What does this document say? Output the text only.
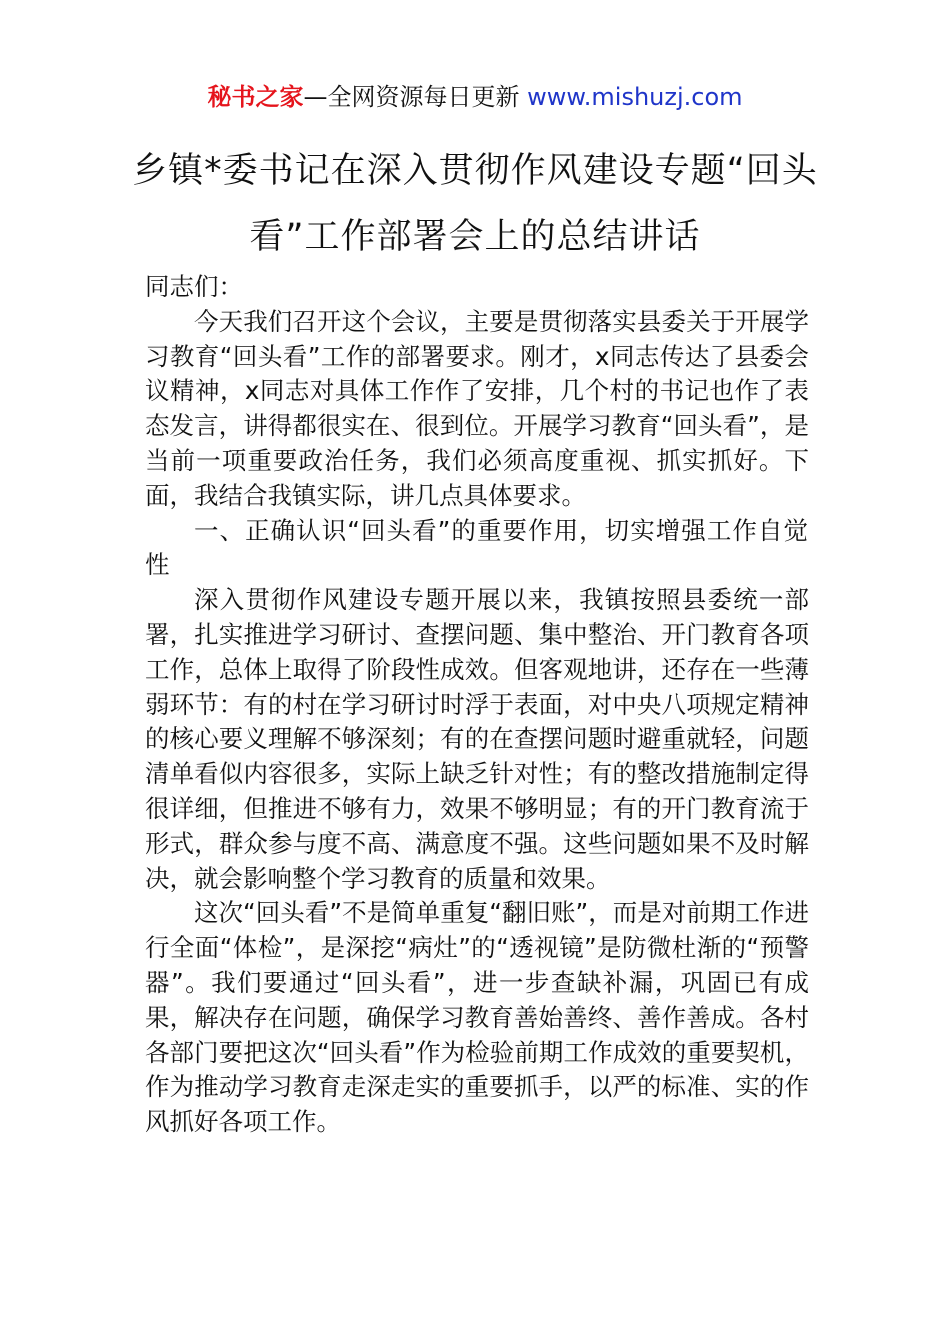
秘书之家—全网资源每日更新 www.mishuzj.com
乡镇*委书记在深入贯彻作风建设专题“回头看”工作部署会上的总结讲话

同志们：

今天我们召开这个会议，主要是贯彻落实县委关于开展学习教育“回头看”工作的部署要求。刚才，x同志传达了县委会议精神，x同志对具体工作作了安排，几个村的书记也作了表态发言，讲得都很实在、很到位。开展学习教育“回头看”，是当前一项重要政治任务，我们必须高度重视、抓实抓好。下面，我结合我镇实际，讲几点具体要求。

一、正确认识“回头看”的重要作用，切实增强工作自觉性

深入贯彻作风建设专题开展以来，我镇按照县委统一部署，扎实推进学习研讨、查摆问题、集中整治、开门教育各项工作，总体上取得了阶段性成效。但客观地讲，还存在一些薄弱环节：有的村在学习研讨时浮于表面，对中央八项规定精神的核心要义理解不够深刻；有的在查摆问题时避重就轻，问题清单看似内容很多，实际上缺乏针对性；有的整改措施制定得很详细，但推进不够有力，效果不够明显；有的开门教育流于形式，群众参与度不高、满意度不强。这些问题如果不及时解决，就会影响整个学习教育的质量和效果。

这次“回头看”不是简单重复“翻旧账”，而是对前期工作进行全面“体检”，是深挖“病灶”的“透视镜”是防微杜渐的“预警器”。我们要通过“回头看”，进一步查缺补漏，巩固已有成果，解决存在问题，确保学习教育善始善终、善作善成。各村各部门要把这次“回头看”作为检验前期工作成效的重要契机，作为推动学习教育走深走实的重要抓手，以严的标准、实的作风抓好各项工作。
